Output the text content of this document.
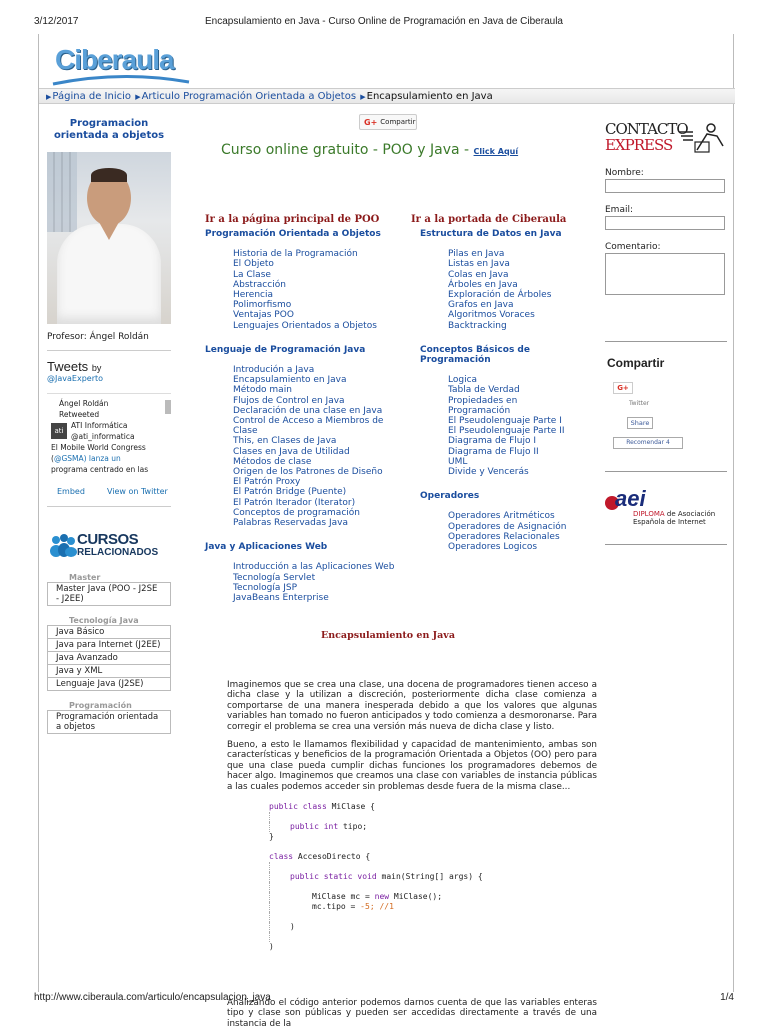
3/12/2017	Encapsulamiento en Java - Curso Online de Programación en Java de Ciberaula
http://www.ciberaula.com/articulo/encapsulacion_java	1/4
Ciberaula
▶Página de Inicio ▶Articulo Programación Orientada a Objetos ▶Encapsulamiento en Java
Programacion orientada a objetos
Profesor: Ángel Roldán
Tweets by
@JavaExperto
Ángel Roldán
Retweeted
ati
ATI Informática
@ati_informatica
El Mobile World Congress
(@GSMA) lanza un
programa centrado en las
Embed	View on Twitter
CURSOS
RELACIONADOS
Master
Master Java (POO - J2SE - J2EE)
Tecnología Java
Java Básico
Java para Internet (J2EE)
Java Avanzado
Java y XML
Lenguaje Java (J2SE)
Programación
Programación orientada a objetos
G+ Compartir
Curso online gratuito - POO y Java - Click Aquí
Ir a la página principal de POO	Ir a la portada de Ciberaula
Programación Orientada a Objetos
Historia de la Programación
El Objeto
La Clase
Abstracción
Herencia
Polimorfismo
Ventajas POO
Lenguajes Orientados a Objetos
Lenguaje de Programación Java
Introdución a Java
Encapsulamiento en Java
Método main
Flujos de Control en Java
Declaración de una clase en Java
Control de Acceso a Miembros de Clase
This, en Clases de Java
Clases en Java de Utilidad
Métodos de clase
Origen de los Patrones de Diseño
El Patrón Proxy
El Patrón Bridge (Puente)
El Patrón Iterador (Iterator)
Conceptos de programación
Palabras Reservadas Java
Java y Aplicaciones Web
Introducción a las Aplicaciones Web
Tecnología Servlet
Tecnología JSP
JavaBeans Enterprise
Estructura de Datos en Java
Pilas en Java
Listas en Java
Colas en Java
Árboles en Java
Exploración de Árboles
Grafos en Java
Algoritmos Voraces
Backtracking
Conceptos Básicos de Programación
Logica
Tabla de Verdad
Propiedades en Programación
El Pseudolenguaje Parte I
El Pseudolenguaje Parte II
Diagrama de Flujo I
Diagrama de Flujo II
UML
Divide y Vencerás
Operadores
Operadores Aritméticos
Operadores de Asignación
Operadores Relacionales
Operadores Logicos
Encapsulamiento en Java
Imaginemos que se crea una clase, una docena de programadores tienen acceso a dicha clase y la utilizan a discreción, posteriormente dicha clase comienza a comportarse de una manera inesperada debido a que los valores que algunas variables han tomado no fueron anticipados y todo comienza a desmoronarse. Para corregir el problema se crea una versión más nueva de dicha clase y listo.
Bueno, a esto le llamamos flexibilidad y capacidad de mantenimiento, ambas son características y beneficios de la programación Orientada a Objetos (OO) pero para que una clase pueda cumplir dichas funciones los programadores debemos de hacer algo. Imaginemos que creamos una clase con variables de instancia públicas a las cuales podemos acceder sin problemas desde fuera de la misma clase...
public class MiClase {
public int tipo;
}
class AccesoDirecto {
public static void main(String[] args) {
MiClase mc = new MiClase();
mc.tipo = -5; //1
)
)
Analizando el código anterior podemos darnos cuenta de que las variables enteras tipo y clase son públicas y pueden ser accedidas directamente a través de una instancia de la
CONTACTO
EXPRESS
Nombre:
Email:
Comentario:
Compartir
G+
Twitter
Share
Recomendar 4
aei
DIPLOMA de Asociación Española de Internet
